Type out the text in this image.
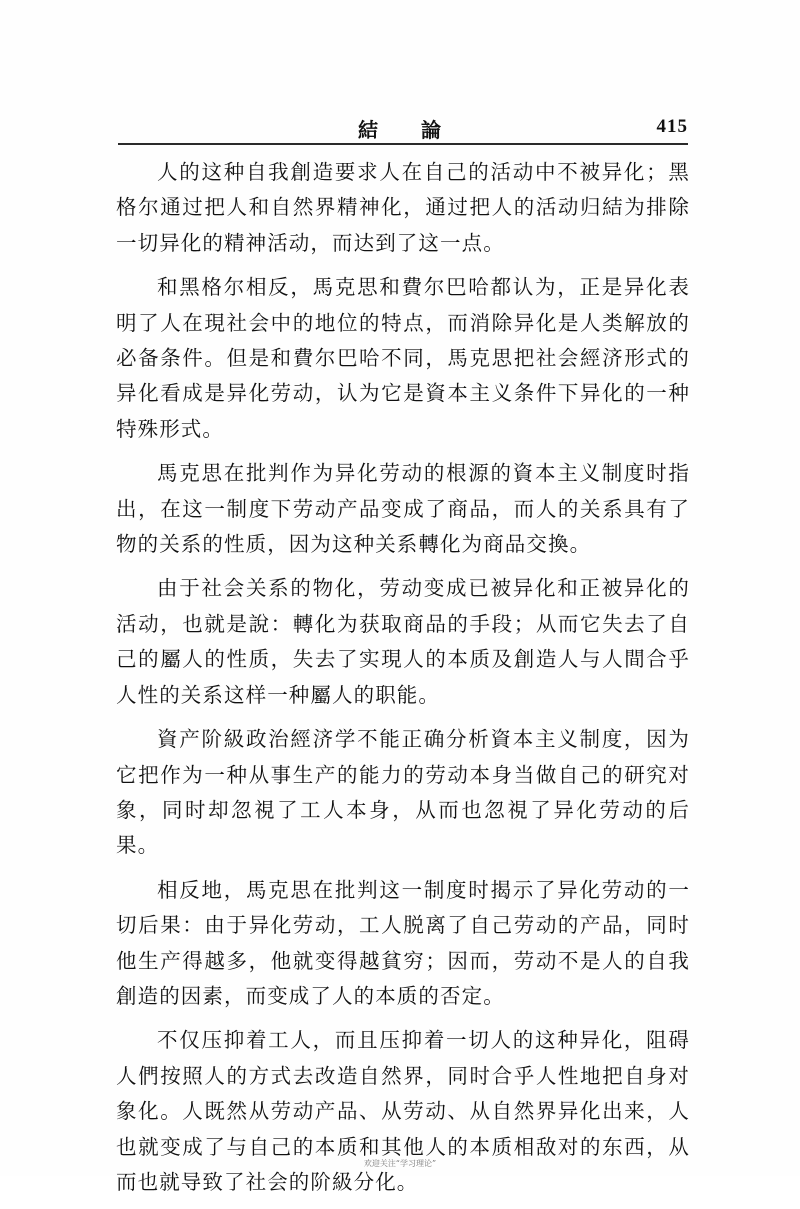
結 論	415

人的这种自我創造要求人在自己的活动中不被异化；黑格尔通过把人和自然界精神化，通过把人的活动归結为排除一切异化的精神活动，而达到了这一点。

和黑格尔相反，馬克思和費尔巴哈都认为，正是异化表明了人在現社会中的地位的特点，而消除异化是人类解放的必备条件。但是和費尔巴哈不同，馬克思把社会經济形式的异化看成是异化劳动，认为它是資本主义条件下异化的一种特殊形式。

馬克思在批判作为异化劳动的根源的資本主义制度时指出，在这一制度下劳动产品变成了商品，而人的关系具有了物的关系的性质，因为这种关系轉化为商品交換。

由于社会关系的物化，劳动变成已被异化和正被异化的活动，也就是說：轉化为获取商品的手段；从而它失去了自己的屬人的性质，失去了实現人的本质及創造人与人間合乎人性的关系这样一种屬人的职能。

資产阶級政治經济学不能正确分析資本主义制度，因为它把作为一种从事生产的能力的劳动本身当做自己的研究对象，同时却忽視了工人本身，从而也忽視了异化劳动的后果。

相反地，馬克思在批判这一制度时揭示了异化劳动的一切后果：由于异化劳动，工人脱离了自己劳动的产品，同时他生产得越多，他就变得越貧穷；因而，劳动不是人的自我創造的因素，而变成了人的本质的否定。

不仅压抑着工人，而且压抑着一切人的这种异化，阻碍人們按照人的方式去改造自然界，同时合乎人性地把自身对象化。人既然从劳动产品、从劳动、从自然界异化出来，人也就变成了与自己的本质和其他人的本质相敌对的东西，从而也就导致了社会的阶級分化。

欢迎关注“学习理论”
